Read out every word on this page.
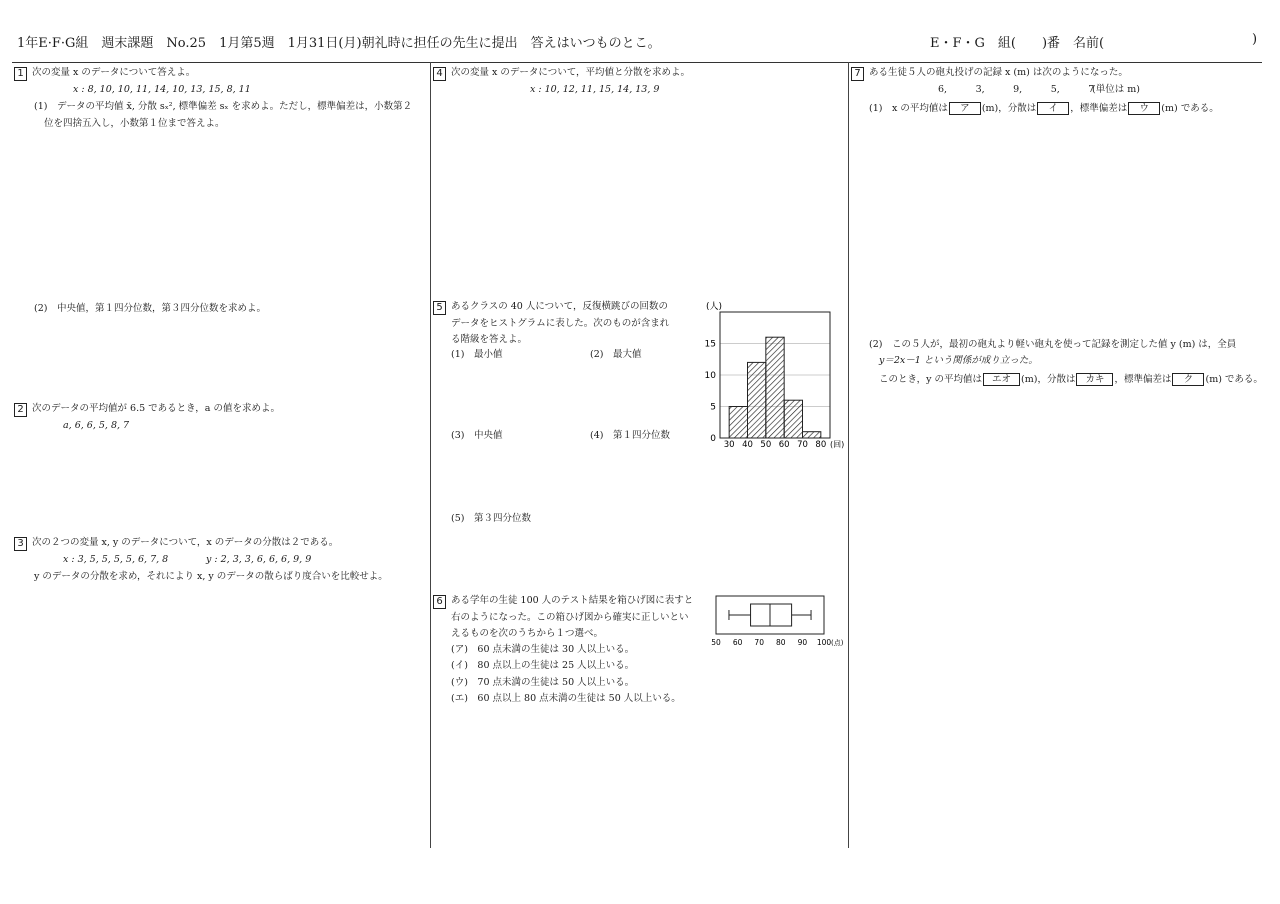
1年E·F·G組　週末課題　No.25　1月第5週　1月31日(月)朝礼時に担任の先生に提出　答えはいつものとこ。	E・F・G　組(　　)番　名前(	)
1 次の変量 x のデータについて答えよ。
x : 8, 10, 10, 11, 14, 10, 13, 15, 8, 11
(1)　データの平均値 x̄, 分散 sₓ², 標準偏差 sₓ を求めよ。ただし，標準偏差は，小数第２
位を四捨五入し，小数第１位まで答えよ。
(2)　中央値，第１四分位数，第３四分位数を求めよ。
2 次のデータの平均値が 6.5 であるとき，a の値を求めよ。
a, 6, 6, 5, 8, 7
3 次の２つの変量 x, y のデータについて，x のデータの分散は２である。
x : 3, 5, 5, 5, 5, 6, 7, 8	y : 2, 3, 3, 6, 6, 6, 9, 9
y のデータの分散を求め，それにより x, y のデータの散らばり度合いを比較せよ。
4 次の変量 x のデータについて，平均値と分散を求めよ。
x : 10, 12, 11, 15, 14, 13, 9
5 あるクラスの 40 人について，反復横跳びの回数の
データをヒストグラムに表した。次のものが含まれ
る階級を答えよ。
(1)　最小値	(2)　最大値
(3)　中央値	(4)　第１四分位数
(5)　第３四分位数
0
5
10
15
30 40 50 60 70 80
(人)
(回)
6 ある学年の生徒 100 人のテスト結果を箱ひげ図に表すと
右のようになった。この箱ひげ図から確実に正しいとい
えるものを次のうちから１つ選べ。
(ア)　60 点未満の生徒は 30 人以上いる。
(イ)　80 点以上の生徒は 25 人以上いる。
(ウ)　70 点未満の生徒は 50 人以上いる。
(エ)　60 点以上 80 点未満の生徒は 50 人以上いる。
50 60 70 80 90 100 (点)
7 ある生徒５人の砲丸投げの記録 x (m) は次のようになった。
6,　　　3,　　　9,　　　5,　　　7
(単位は m)
(1)　x の平均値は ア (m)，分散は イ ，標準偏差は ウ (m) である。
(2)　この５人が，最初の砲丸より軽い砲丸を使って記録を測定した値 y (m) は，全員
y＝2x－1 という関係が成り立った。
このとき，y の平均値は エオ (m)，分散は カキ ，標準偏差は ク (m) である。
